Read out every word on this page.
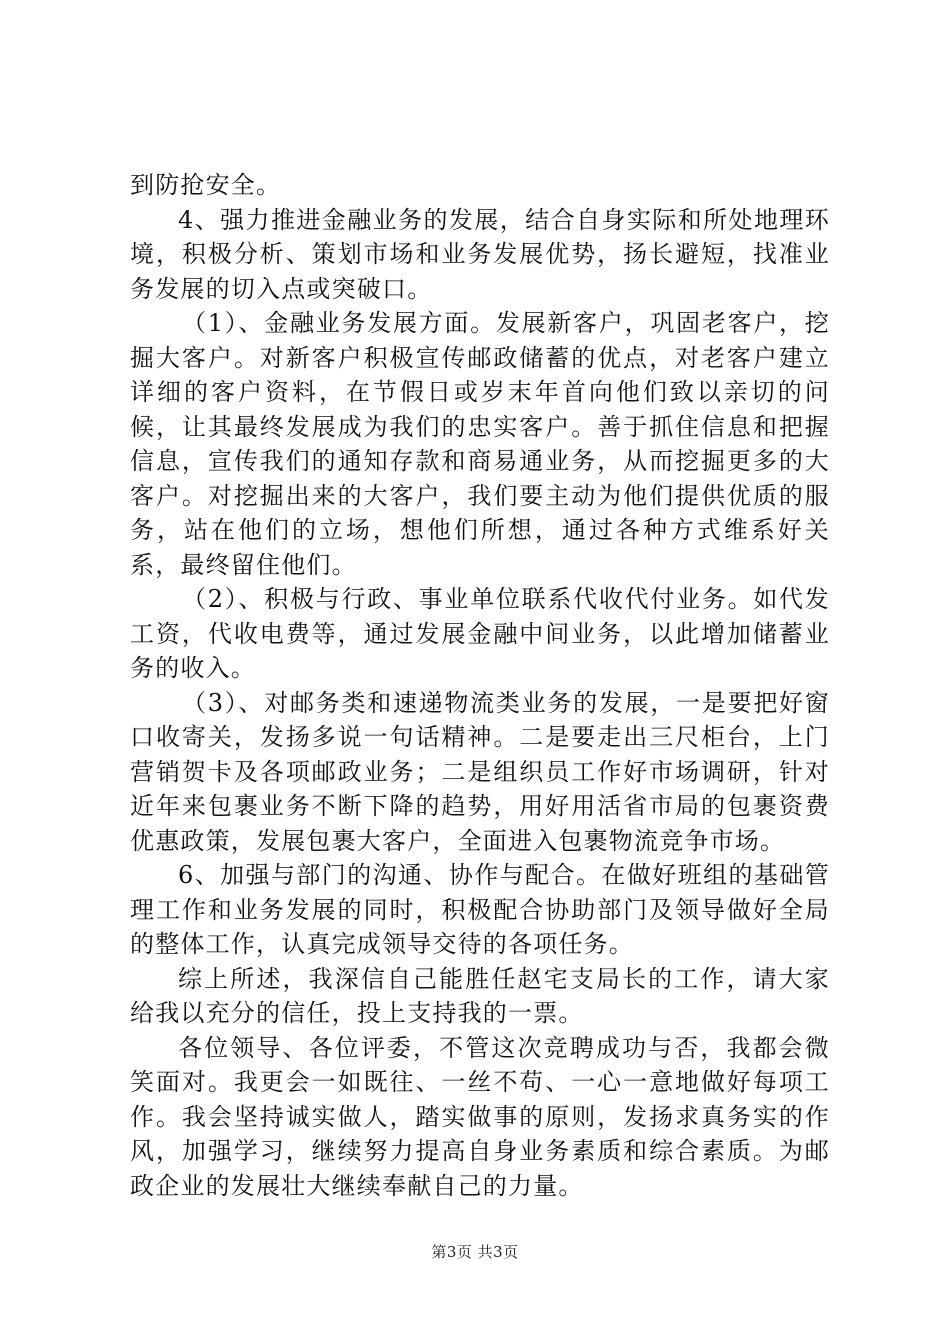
到防抢安全。

4、强力推进金融业务的发展，结合自身实际和所处地理环境，积极分析、策划市场和业务发展优势，扬长避短，找准业务发展的切入点或突破口。

（1）、金融业务发展方面。发展新客户，巩固老客户，挖掘大客户。对新客户积极宣传邮政储蓄的优点，对老客户建立详细的客户资料，在节假日或岁末年首向他们致以亲切的问候，让其最终发展成为我们的忠实客户。善于抓住信息和把握信息，宣传我们的通知存款和商易通业务，从而挖掘更多的大客户。对挖掘出来的大客户，我们要主动为他们提供优质的服务，站在他们的立场，想他们所想，通过各种方式维系好关系，最终留住他们。

（2）、积极与行政、事业单位联系代收代付业务。如代发工资，代收电费等，通过发展金融中间业务，以此增加储蓄业务的收入。

（3）、对邮务类和速递物流类业务的发展，一是要把好窗口收寄关，发扬多说一句话精神。二是要走出三尺柜台，上门营销贺卡及各项邮政业务；二是组织员工作好市场调研，针对近年来包裹业务不断下降的趋势，用好用活省市局的包裹资费优惠政策，发展包裹大客户，全面进入包裹物流竞争市场。

6、加强与部门的沟通、协作与配合。在做好班组的基础管理工作和业务发展的同时，积极配合协助部门及领导做好全局的整体工作，认真完成领导交待的各项任务。

综上所述，我深信自己能胜任赵宅支局长的工作，请大家给我以充分的信任，投上支持我的一票。

各位领导、各位评委，不管这次竞聘成功与否，我都会微笑面对。我更会一如既往、一丝不苟、一心一意地做好每项工作。我会坚持诚实做人，踏实做事的原则，发扬求真务实的作风，加强学习，继续努力提高自身业务素质和综合素质。为邮政企业的发展壮大继续奉献自己的力量。

第3页 共3页
